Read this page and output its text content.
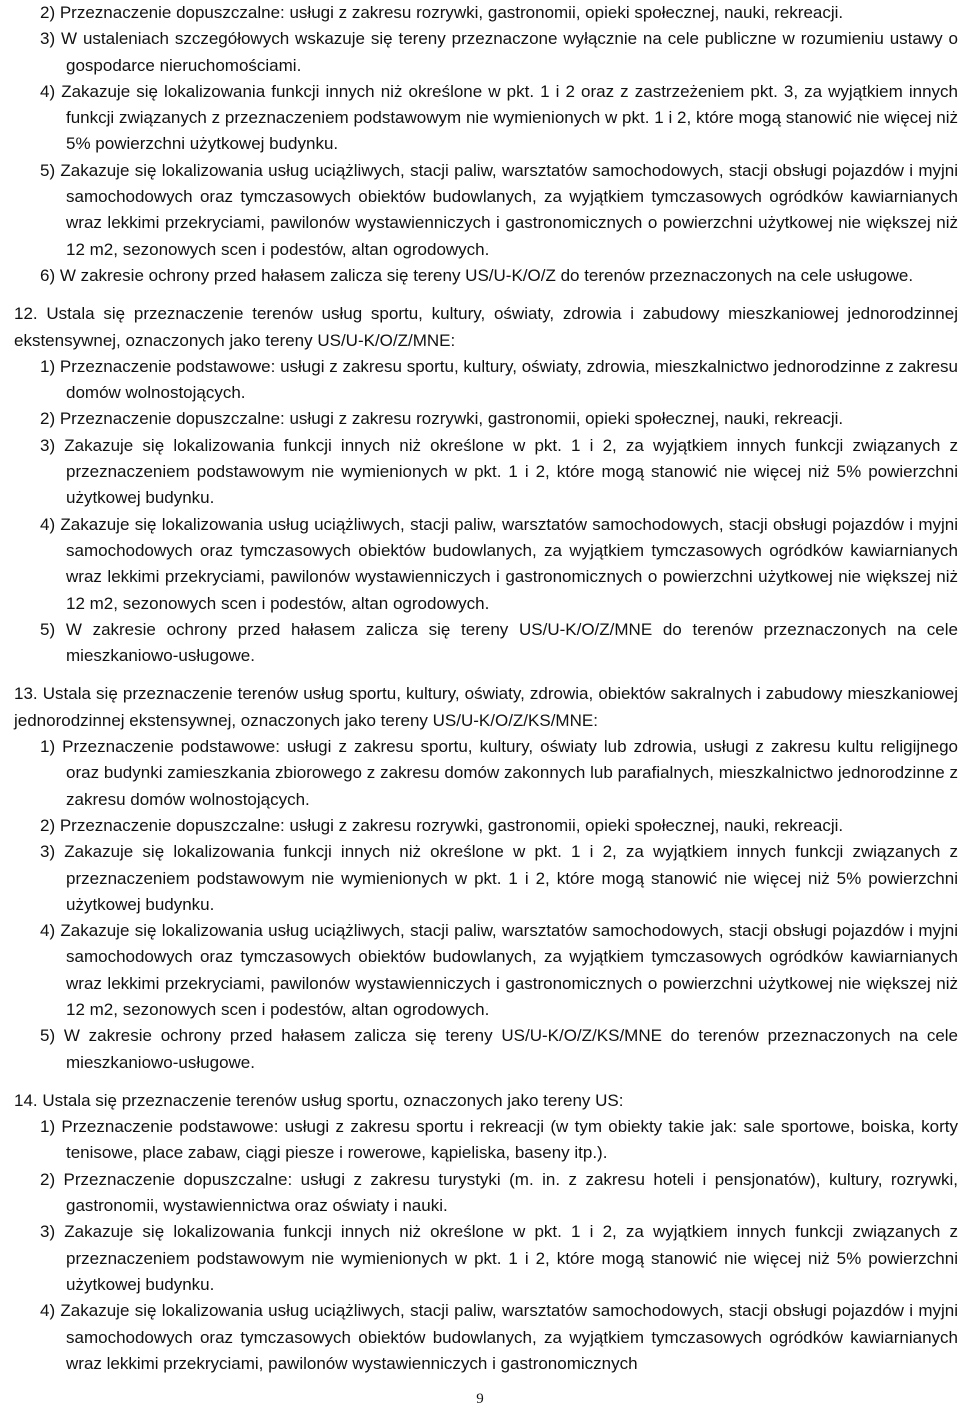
2) Przeznaczenie dopuszczalne: usługi z zakresu rozrywki, gastronomii, opieki społecznej, nauki, rekreacji.

3) W ustaleniach szczegółowych wskazuje się tereny przeznaczone wyłącznie na cele publiczne w rozumieniu ustawy o gospodarce nieruchomościami.

4) Zakazuje się lokalizowania funkcji innych niż określone w pkt. 1 i 2 oraz z zastrzeżeniem pkt. 3, za wyjątkiem innych funkcji związanych z przeznaczeniem podstawowym nie wymienionych w pkt. 1 i 2, które mogą stanowić nie więcej niż 5% powierzchni użytkowej budynku.

5) Zakazuje się lokalizowania usług uciążliwych, stacji paliw, warsztatów samochodowych, stacji obsługi pojazdów i myjni samochodowych oraz tymczasowych obiektów budowlanych, za wyjątkiem tymczasowych ogródków kawiarnianych wraz lekkimi przekryciami, pawilonów wystawienniczych i gastronomicznych o powierzchni użytkowej nie większej niż 12 m2, sezonowych scen i podestów, altan ogrodowych.

6) W zakresie ochrony przed hałasem zalicza się tereny US/U-K/O/Z do terenów przeznaczonych na cele usługowe.

12. Ustala się przeznaczenie terenów usług sportu, kultury, oświaty, zdrowia i zabudowy mieszkaniowej jednorodzinnej ekstensywnej, oznaczonych jako tereny US/U-K/O/Z/MNE:

1) Przeznaczenie podstawowe: usługi z zakresu sportu, kultury, oświaty, zdrowia, mieszkalnictwo jednorodzinne z zakresu domów wolnostojących.

2) Przeznaczenie dopuszczalne: usługi z zakresu rozrywki, gastronomii, opieki społecznej, nauki, rekreacji.

3) Zakazuje się lokalizowania funkcji innych niż określone w pkt. 1 i 2, za wyjątkiem innych funkcji związanych z przeznaczeniem podstawowym nie wymienionych w pkt. 1 i 2, które mogą stanowić nie więcej niż 5% powierzchni użytkowej budynku.

4) Zakazuje się lokalizowania usług uciążliwych, stacji paliw, warsztatów samochodowych, stacji obsługi pojazdów i myjni samochodowych oraz tymczasowych obiektów budowlanych, za wyjątkiem tymczasowych ogródków kawiarnianych wraz lekkimi przekryciami, pawilonów wystawienniczych i gastronomicznych o powierzchni użytkowej nie większej niż 12 m2, sezonowych scen i podestów, altan ogrodowych.

5) W zakresie ochrony przed hałasem zalicza się tereny US/U-K/O/Z/MNE do terenów przeznaczonych na cele mieszkaniowo-usługowe.

13. Ustala się przeznaczenie terenów usług sportu, kultury, oświaty, zdrowia, obiektów sakralnych i zabudowy mieszkaniowej jednorodzinnej ekstensywnej, oznaczonych jako tereny US/U-K/O/Z/KS/MNE:

1) Przeznaczenie podstawowe: usługi z zakresu sportu, kultury, oświaty lub zdrowia, usługi z zakresu kultu religijnego oraz budynki zamieszkania zbiorowego z zakresu domów zakonnych lub parafialnych, mieszkalnictwo jednorodzinne z zakresu domów wolnostojących.

2) Przeznaczenie dopuszczalne: usługi z zakresu rozrywki, gastronomii, opieki społecznej, nauki, rekreacji.

3) Zakazuje się lokalizowania funkcji innych niż określone w pkt. 1 i 2, za wyjątkiem innych funkcji związanych z przeznaczeniem podstawowym nie wymienionych w pkt. 1 i 2, które mogą stanowić nie więcej niż 5% powierzchni użytkowej budynku.

4) Zakazuje się lokalizowania usług uciążliwych, stacji paliw, warsztatów samochodowych, stacji obsługi pojazdów i myjni samochodowych oraz tymczasowych obiektów budowlanych, za wyjątkiem tymczasowych ogródków kawiarnianych wraz lekkimi przekryciami, pawilonów wystawienniczych i gastronomicznych o powierzchni użytkowej nie większej niż 12 m2, sezonowych scen i podestów, altan ogrodowych.

5) W zakresie ochrony przed hałasem zalicza się tereny US/U-K/O/Z/KS/MNE do terenów przeznaczonych na cele mieszkaniowo-usługowe.

14. Ustala się przeznaczenie terenów usług sportu, oznaczonych jako tereny US:

1) Przeznaczenie podstawowe: usługi z zakresu sportu i rekreacji (w tym obiekty takie jak: sale sportowe, boiska, korty tenisowe, place zabaw, ciągi piesze i rowerowe, kąpieliska, baseny itp.).

2) Przeznaczenie dopuszczalne: usługi z zakresu turystyki (m. in. z zakresu hoteli i pensjonatów), kultury, rozrywki, gastronomii, wystawiennictwa oraz oświaty i nauki.

3) Zakazuje się lokalizowania funkcji innych niż określone w pkt. 1 i 2, za wyjątkiem innych funkcji związanych z przeznaczeniem podstawowym nie wymienionych w pkt. 1 i 2, które mogą stanowić nie więcej niż 5% powierzchni użytkowej budynku.

4) Zakazuje się lokalizowania usług uciążliwych, stacji paliw, warsztatów samochodowych, stacji obsługi pojazdów i myjni samochodowych oraz tymczasowych obiektów budowlanych, za wyjątkiem tymczasowych ogródków kawiarnianych wraz lekkimi przekryciami, pawilonów wystawienniczych i gastronomicznych

9
